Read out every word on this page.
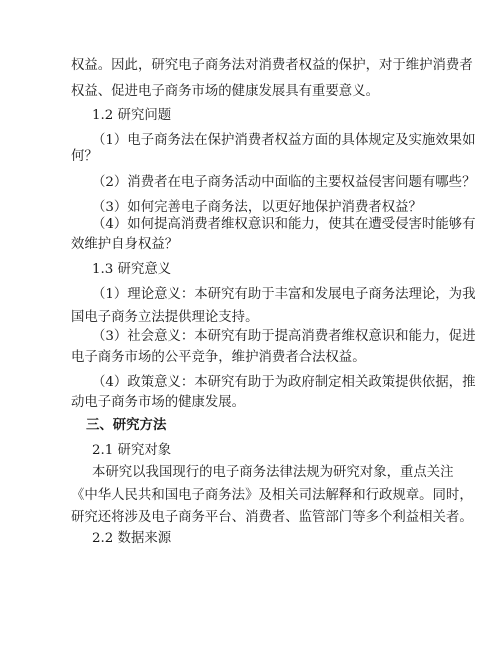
权益。因此，研究电子商务法对消费者权益的保护，对于维护消费者
权益、促进电子商务市场的健康发展具有重要意义。
1.2 研究问题
（1）电子商务法在保护消费者权益方面的具体规定及实施效果如
何？
（2）消费者在电子商务活动中面临的主要权益侵害问题有哪些？
（3）如何完善电子商务法，以更好地保护消费者权益？
（4）如何提高消费者维权意识和能力，使其在遭受侵害时能够有
效维护自身权益？
1.3 研究意义
（1）理论意义：本研究有助于丰富和发展电子商务法理论，为我
国电子商务立法提供理论支持。
（3）社会意义：本研究有助于提高消费者维权意识和能力，促进
电子商务市场的公平竞争，维护消费者合法权益。
（4）政策意义：本研究有助于为政府制定相关政策提供依据，推
动电子商务市场的健康发展。
三、研究方法
2.1 研究对象
本研究以我国现行的电子商务法律法规为研究对象，重点关注
《中华人民共和国电子商务法》及相关司法解释和行政规章。同时，
研究还将涉及电子商务平台、消费者、监管部门等多个利益相关者。
2.2 数据来源
